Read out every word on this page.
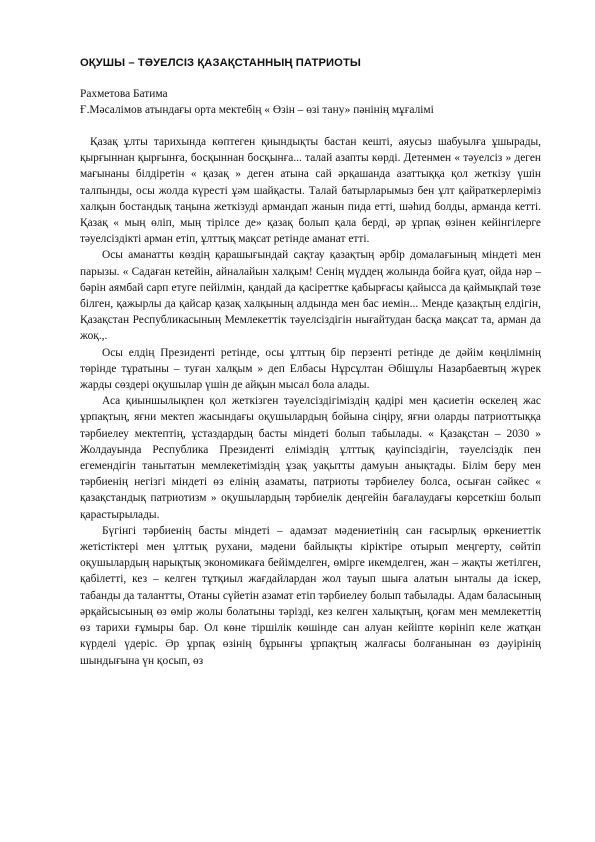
ОҚУШЫ – ТӘУЕЛСІЗ ҚАЗАҚСТАННЫҢ ПАТРИОТЫ
Рахметова Батима
Ғ.Мәсалімов атындағы орта мектебің « Өзін – өзі тану» пәнінің мұғалімі

Қазақ ұлты тарихында көптеген қиындықты бастан кешті, аяусыз шабуылға ұшырады, қырғыннан қырғынға, босқыннан босқынға... талай азапты көрді. Детенмен « тәуелсіз » деген мағынаны білдіретін « қазақ » деген атына сай әрқашанда азаттыққа қол жеткізу үшін талпынды, осы жолда күресті ұәм шайқасты. Талай батырларымыз бен ұлт қайраткерлеріміз халқын бостандық таңына жеткізуді армандап жанын пида етті, шәһид болды, арманда кетті. Қазақ « мың өліп, мың тірілсе де» қазақ болып қала берді, әр ұрпақ өзінен кейінгілерге тәуелсіздікті арман етіп, ұлттық мақсат ретінде аманат етті.

Осы аманатты көздің қарашығындай сақтау қазақтың әрбір домалағының міндеті мен парызы. « Садаған кетейін, айналайын халқым! Сенің мүддең жолында бойға қуат, ойда нәр – бәрін аямбай сарп етуге пейілмін, қандай да қасіреттке қабырғасы қайысса да қаймықпай төзе білген, қажырлы да қайсар қазақ халқының алдында мен бас иемін... Менде қазақтың елдігін, Қазақстан Республикасының Мемлекеттік тәуелсіздігін нығайтудан басқа мақсат та, арман да жоқ.,.

Осы елдің Президенті ретінде, осы ұлттың бір перзенті ретінде де дәйім көңілімнің төрінде тұратыны – туған халқым » деп Елбасы Нұрсұлтан Әбішұлы Назарбаевтың жүрек жарды сөздері оқушылар үшін де айқын мысал бола алады.

Аса қиыншылықпен қол жеткізген тәуелсіздігіміздің қадірі мен қасиетін өскелең жас ұрпақтың, яғни мектеп жасындағы оқушылардың бойына сіңіру, яғни оларды патриоттыққа тәрбиелеу мектептің, ұстаздардың басты міндеті болып табылады. « Қазақстан – 2030 » Жолдауында Республика Президенті еліміздің ұлттық қауіпсіздігін, тәуелсіздік пен егемендігін танытатын мемлекетіміздің ұзақ уақытты дамуын анықтады. Білім беру мен тәрбиенің негізгі міндеті өз елінің азаматы, патриоты тәрбиелеу болса, осыған сәйкес « қазақстандық патриотизм » оқушылардың тәрбиелік деңгейін бағалаудағы көрсеткіш болып қарастырылады.

Бүгінгі тәрбиенің басты міндеті – адамзат мәдениетінің сан ғасырлық өркениеттік жетістіктері мен ұлттық рухани, мәдени байлықты кіріктіре отырып меңгерту, сөйтіп оқушылардың нарықтық экономикаға бейімделген, өмірге икемделген, жан – жақты жетілген, қабілетті, кез – келген тұтқиыл жағдайлардан жол тауып шыға алатын ынталы да іскер, табанды да талантты, Отаны сүйетін азамат етіп тәрбиелеу болып табылады. Адам баласының әрқайсысының өз өмір жолы болатыны тәрізді, кез келген халықтың, қоғам мен мемлекеттің өз тарихи ғұмыры бар. Ол көне тіршілік көшінде сан алуан кейіпте көрініп келе жатқан күрделі үдеріс. Әр ұрпақ өзінің бұрынғы ұрпақтың жалғасы болғанынан өз дәуірінің шындығына үн қосып, өз
